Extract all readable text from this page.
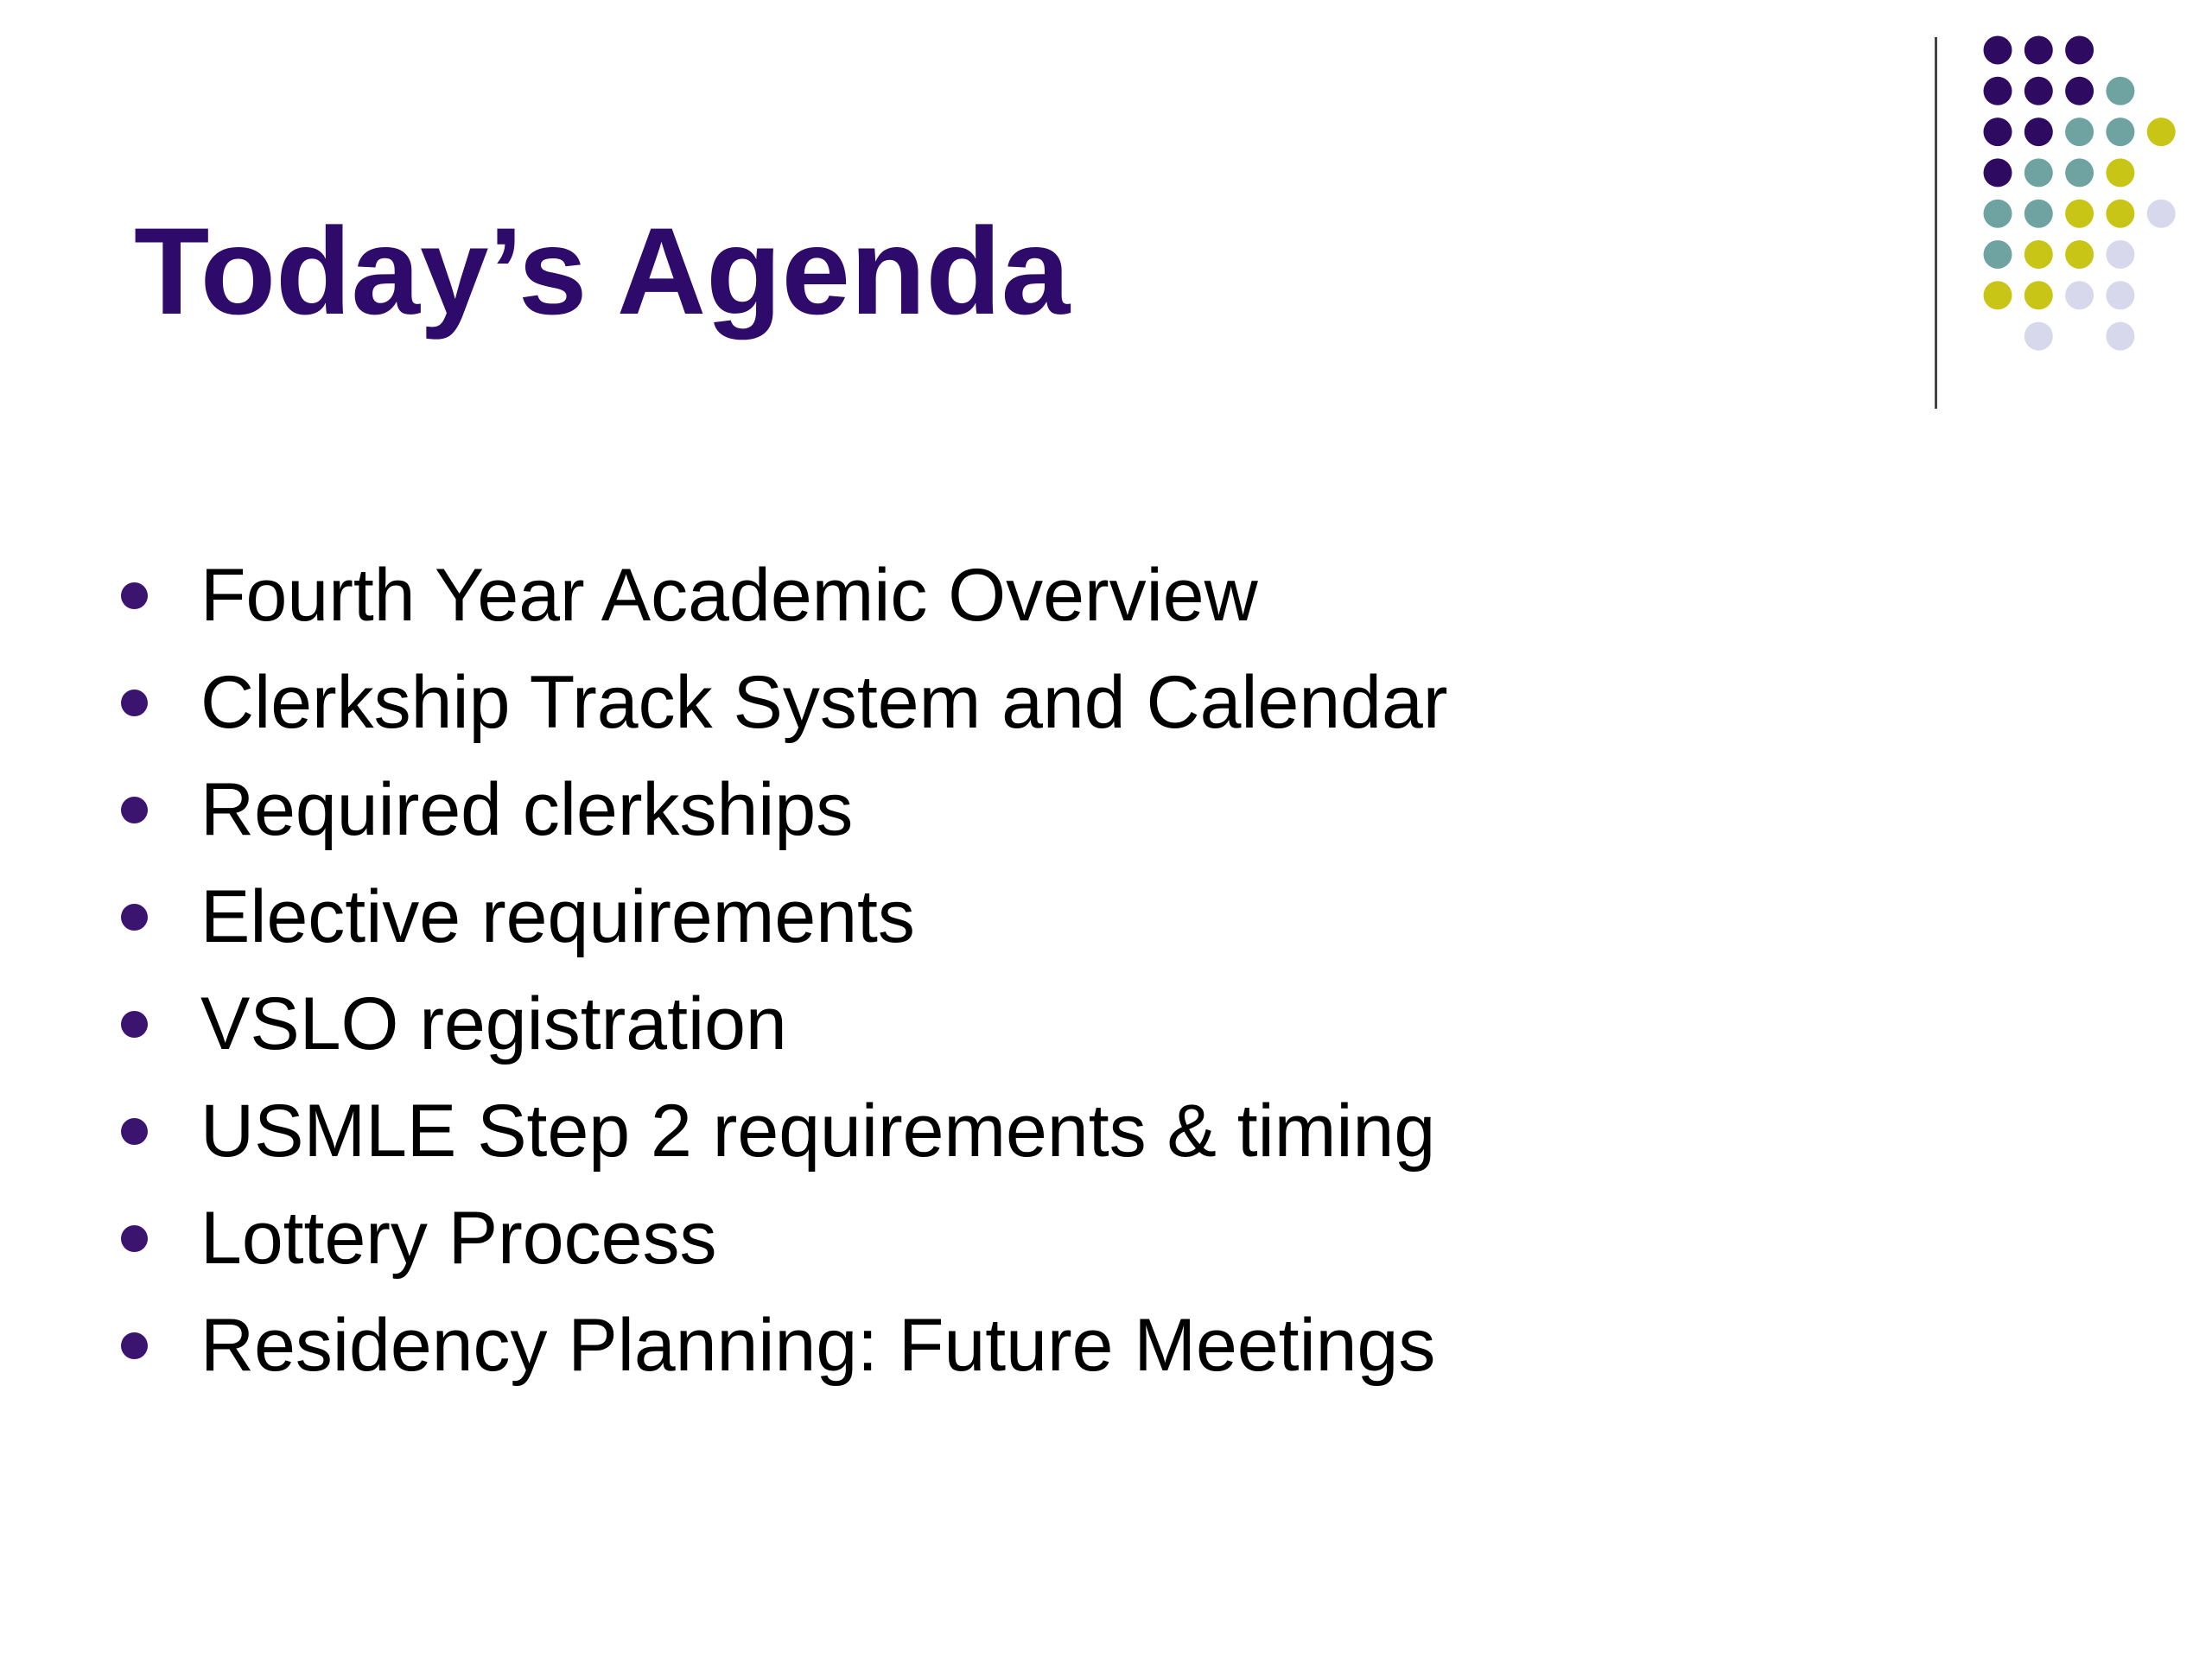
Today’s Agenda
Fourth Year Academic Overview
Clerkship Track System and Calendar
Required clerkships
Elective requirements
VSLO registration
USMLE Step 2 requirements & timing
Lottery Process
Residency Planning: Future Meetings
